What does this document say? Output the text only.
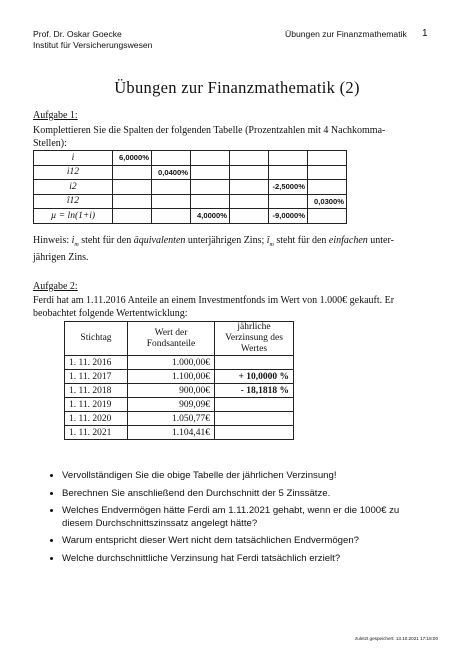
Prof. Dr. Oskar Goecke
Institut für Versicherungswesen
Übungen zur Finanzmathematik 1
Übungen zur Finanzmathematik (2)
Aufgabe 1:
Komplettieren Sie die Spalten der folgenden Tabelle (Prozentzahlen mit 4 Nachkomma-Stellen):
i	6,0000%					
i12		0,0400%				
i2					-2,5000%	
î12						0,0300%
µ = ln(1+i)			4,0000%		-9,0000%	
Hinweis: $i_m$ steht für den äquivalenten unterjährigen Zins; $î_m$ steht für den einfachen unter-jährigen Zins.
Aufgabe 2:
Ferdi hat am 1.11.2016 Anteile an einem Investmentfonds im Wert von 1.000€ gekauft. Er beobachtet folgende Wertentwicklung:
Stichtag	Wert der Fondsanteile	jährliche Verzinsung des Wertes
1. 11. 2016	1.000,00€	
1. 11. 2017	1.100,00€	+ 10,0000 %
1. 11. 2018	900,00€	- 18,1818 %
1. 11. 2019	909,09€	
1. 11. 2020	1.050,77€	
1. 11. 2021	1.104,41€	
• Vervollständigen Sie die obige Tabelle der jährlichen Verzinsung!
• Berechnen Sie anschließend den Durchschnitt der 5 Zinssätze.
• Welches Endvermögen hätte Ferdi am 1.11.2021 gehabt, wenn er die 1000€ zu diesem Durchschnittszinssatz angelegt hätte?
• Warum entspricht dieser Wert nicht dem tatsächlichen Endvermögen?
• Welche durchschnittliche Verzinsung hat Ferdi tatsächlich erzielt?
zuletzt gespeichert: 13.10.2021 17:18:00
